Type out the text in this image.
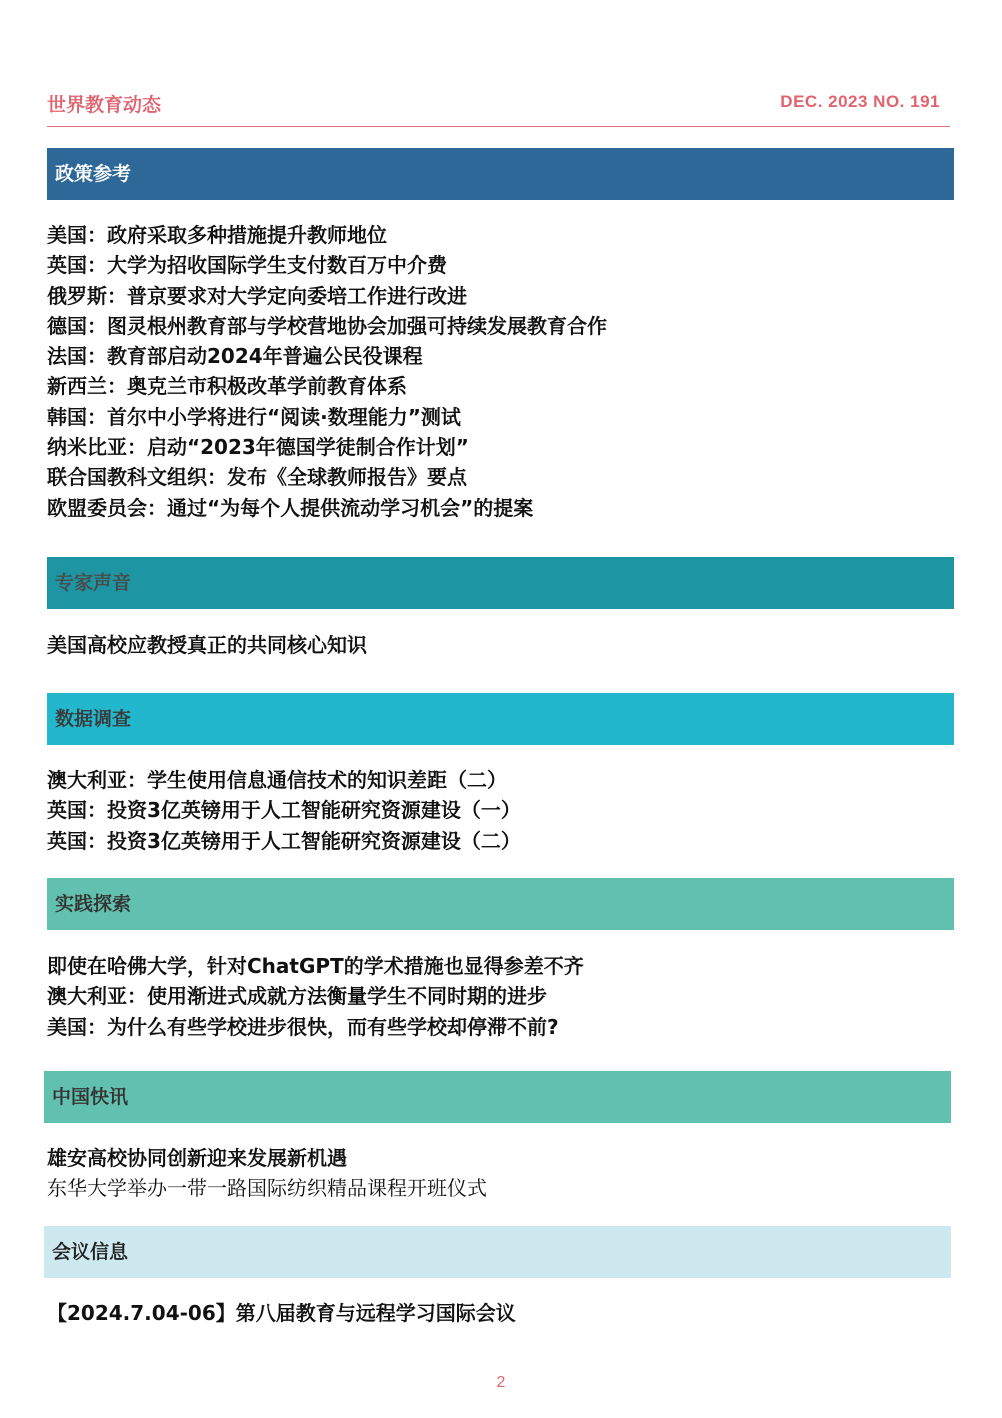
世界教育动态	DEC. 2023 NO. 191
政策参考
美国：政府采取多种措施提升教师地位
英国：大学为招收国际学生支付数百万中介费
俄罗斯：普京要求对大学定向委培工作进行改进
德国：图灵根州教育部与学校营地协会加强可持续发展教育合作
法国：教育部启动2024年普遍公民役课程
新西兰：奥克兰市积极改革学前教育体系
韩国：首尔中小学将进行“阅读·数理能力”测试
纳米比亚：启动“2023年德国学徒制合作计划”
联合国教科文组织：发布《全球教师报告》要点
欧盟委员会：通过“为每个人提供流动学习机会”的提案
专家声音
美国高校应教授真正的共同核心知识
数据调查
澳大利亚：学生使用信息通信技术的知识差距（二）
英国：投资3亿英镑用于人工智能研究资源建设（一）
英国：投资3亿英镑用于人工智能研究资源建设（二）
实践探索
即使在哈佛大学，针对ChatGPT的学术措施也显得参差不齐
澳大利亚：使用渐进式成就方法衡量学生不同时期的进步
美国：为什么有些学校进步很快，而有些学校却停滞不前?
中国快讯
雄安高校协同创新迎来发展新机遇
东华大学举办一带一路国际纺织精品课程开班仪式
会议信息
【2024.7.04-06】第八届教育与远程学习国际会议
2
